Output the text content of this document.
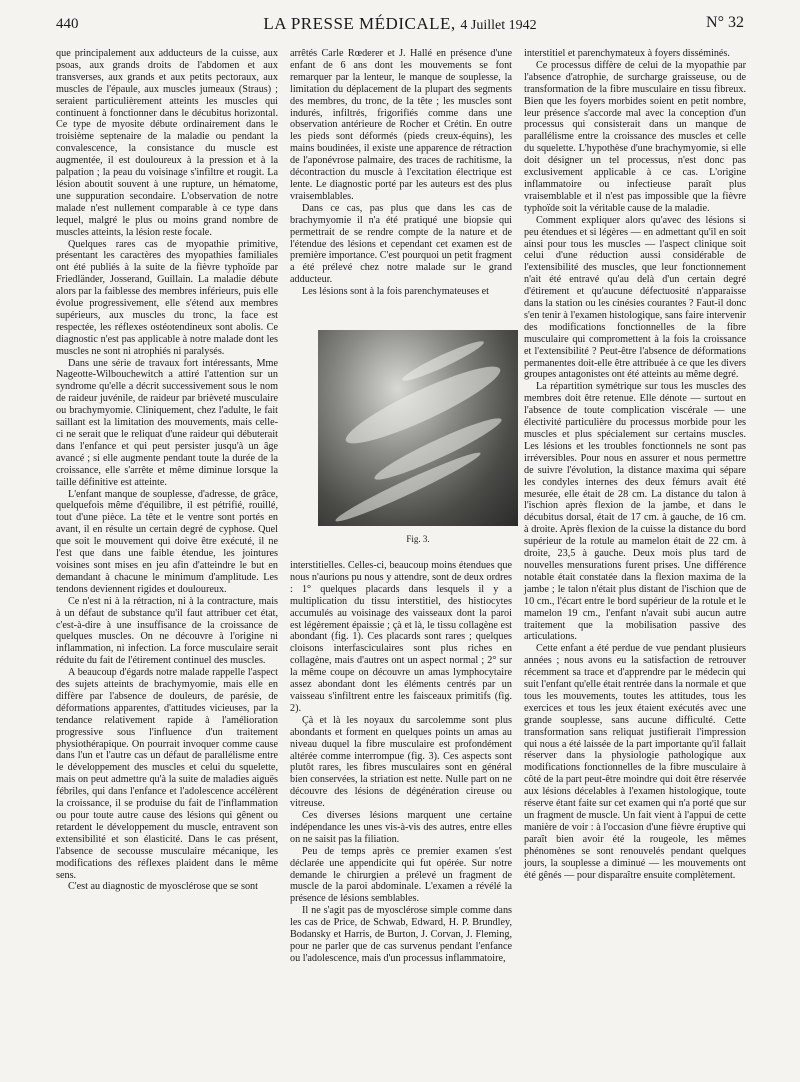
440	LA PRESSE MÉDICALE, 4 Juillet 1942	N° 32

que principalement aux adducteurs de la cuisse, aux psoas, aux grands droits de l'abdomen et aux transverses, aux grands et aux petits pectoraux, aux muscles de l'épaule, aux muscles jumeaux (Straus) ; seraient particulièrement atteints les muscles qui continuent à fonctionner dans le décubitus horizontal. Ce type de myosite débute ordinairement dans le troisième septenaire de la maladie ou pendant la convalescence, la consistance du muscle est augmentée, il est douloureux à la pression et à la palpation ; la peau du voisinage s'infiltre et rougit. La lésion aboutit souvent à une rupture, un hématome, une suppuration secondaire. L'observation de notre malade n'est nullement comparable à ce type dans lequel, malgré le plus ou moins grand nombre de muscles atteints, la lésion reste focale.

Quelques rares cas de myopathie primitive, présentant les caractères des myopathies familiales ont été publiés à la suite de la fièvre typhoïde par Friedländer, Josserand, Guillain. La maladie débute alors par la faiblesse des membres inférieurs, puis elle évolue progressivement, elle s'étend aux membres supérieurs, aux muscles du tronc, la face est respectée, les réflexes ostéotendineux sont abolis. Ce diagnostic n'est pas applicable à notre malade dont les muscles ne sont ni atrophiés ni paralysés.

Dans une série de travaux fort intéressants, Mme Nageotte-Wilbouchewitch a attiré l'attention sur un syndrome qu'elle a décrit successivement sous le nom de raideur juvénile, de raideur par brièveté musculaire ou brachymyomie. Cliniquement, chez l'adulte, le fait saillant est la limitation des mouvements, mais celle-ci ne serait que le reliquat d'une raideur qui débuterait dans l'enfance et qui peut persister jusqu'à un âge avancé ; si elle augmente pendant toute la durée de la croissance, elle s'arrête et même diminue lorsque la taille définitive est atteinte.

L'enfant manque de souplesse, d'adresse, de grâce, quelquefois même d'équilibre, il est pétrifié, rouillé, tout d'une pièce. La tête et le ventre sont portés en avant, il en résulte un certain degré de cyphose. Quel que soit le mouvement qui doive être exécuté, il ne l'est que dans une faible étendue, les jointures voisines sont mises en jeu afin d'atteindre le but en demandant à chacune le minimum d'amplitude. Les tendons deviennent rigides et douloureux.

Ce n'est ni à la rétraction, ni à la contracture, mais à un défaut de substance qu'il faut attribuer cet état, c'est-à-dire à une insuffisance de la croissance de quelques muscles. On ne découvre à l'origine ni inflammation, ni infection. La force musculaire serait réduite du fait de l'étirement continuel des muscles.

A beaucoup d'égards notre malade rappelle l'aspect des sujets atteints de brachymyomie, mais elle en diffère par l'absence de douleurs, de parésie, de déformations apparentes, d'attitudes vicieuses, par la tendance relativement rapide à l'amélioration progressive sous l'influence d'un traitement physiothérapique. On pourrait invoquer comme cause dans l'un et l'autre cas un défaut de parallélisme entre le développement des muscles et celui du squelette, mais on peut admettre qu'à la suite de maladies aiguës fébriles, qui dans l'enfance et l'adolescence accélèrent la croissance, il se produise du fait de l'inflammation ou pour toute autre cause des lésions qui gênent ou retardent le développement du muscle, entravent son extensibilité et son élasticité. Dans le cas présent, l'absence de secousse musculaire mécanique, les modifications des réflexes plaident dans le même sens.

C'est au diagnostic de myosclérose que se sont

arrêtés Carle Rœderer et J. Hallé en présence d'une enfant de 6 ans dont les mouvements se font remarquer par la lenteur, le manque de souplesse, la limitation du déplacement de la plupart des segments des membres, du tronc, de la tête ; les muscles sont indurés, infiltrés, frigorifiés comme dans une observation antérieure de Rocher et Crétin. En outre les pieds sont déformés (pieds creux-équins), les mains boudinées, il existe une apparence de rétraction de l'aponévrose palmaire, des traces de rachitisme, la décontraction du muscle à l'excitation électrique est lente. Le diagnostic porté par les auteurs est des plus vraisemblables.

Dans ce cas, pas plus que dans les cas de brachymyomie il n'a été pratiqué une biopsie qui permettrait de se rendre compte de la nature et de l'étendue des lésions et cependant cet examen est de première importance. C'est pourquoi un petit fragment a été prélevé chez notre malade sur le grand adducteur.

Les lésions sont à la fois parenchymateuses et

Fig. 3.

interstitielles. Celles-ci, beaucoup moins étendues que nous n'aurions pu nous y attendre, sont de deux ordres : 1° quelques placards dans lesquels il y a multiplication du tissu interstitiel, des histiocytes accumulés au voisinage des vaisseaux dont la paroi est légèrement épaissie ; çà et là, le tissu collagène est abondant (fig. 1). Ces placards sont rares ; quelques cloisons interfasciculaires sont plus riches en collagène, mais d'autres ont un aspect normal ; 2° sur la même coupe on découvre un amas lymphocytaire assez abondant dont les éléments centrés par un vaisseau s'infiltrent entre les faisceaux primitifs (fig. 2).

Çà et là les noyaux du sarcolemme sont plus abondants et forment en quelques points un amas au niveau duquel la fibre musculaire est profondément altérée comme interrompue (fig. 3). Ces aspects sont plutôt rares, les fibres musculaires sont en général bien conservées, la striation est nette. Nulle part on ne découvre des lésions de dégénération cireuse ou vitreuse.

Ces diverses lésions marquent une certaine indépendance les unes vis-à-vis des autres, entre elles on ne saisit pas la filiation.

Peu de temps après ce premier examen s'est déclarée une appendicite qui fut opérée. Sur notre demande le chirurgien a prélevé un fragment de muscle de la paroi abdominale. L'examen a révélé la présence de lésions semblables.

Il ne s'agit pas de myosclérose simple comme dans les cas de Price, de Schwab, Edward, H. P. Brundley, Bodansky et Harris, de Burton, J. Corvan, J. Fleming, pour ne parler que de cas survenus pendant l'enfance ou l'adolescence, mais d'un processus inflammatoire,

interstitiel et parenchymateux à foyers disséminés.

Ce processus diffère de celui de la myopathie par l'absence d'atrophie, de surcharge graisseuse, ou de transformation de la fibre musculaire en tissu fibreux. Bien que les foyers morbides soient en petit nombre, leur présence s'accorde mal avec la conception d'un processus qui consisterait dans un manque de parallélisme entre la croissance des muscles et celle du squelette. L'hypothèse d'une brachymyomie, si elle doit désigner un tel processus, n'est donc pas exclusivement applicable à ce cas. L'origine inflammatoire ou infectieuse paraît plus vraisemblable et il n'est pas impossible que la fièvre typhoïde soit la véritable cause de la maladie.

Comment expliquer alors qu'avec des lésions si peu étendues et si légères — en admettant qu'il en soit ainsi pour tous les muscles — l'aspect clinique soit celui d'une réduction aussi considérable de l'extensibilité des muscles, que leur fonctionnement n'ait été entravé qu'au delà d'un certain degré d'étirement et qu'aucune défectuosité n'apparaisse dans la station ou les cinésies courantes ? Faut-il donc s'en tenir à l'examen histologique, sans faire intervenir des modifications fonctionnelles de la fibre musculaire qui compromettent à la fois la croissance et l'extensibilité ? Peut-être l'absence de déformations permanentes doit-elle être attribuée à ce que les divers groupes antagonistes ont été atteints au même degré.

La répartition symétrique sur tous les muscles des membres doit être retenue. Elle dénote — surtout en l'absence de toute complication viscérale — une électivité particulière du processus morbide pour les muscles et plus spécialement sur certains muscles. Les lésions et les troubles fonctionnels ne sont pas irréversibles. Pour nous en assurer et nous permettre de suivre l'évolution, la distance maxima qui sépare les condyles internes des deux fémurs avait été mesurée, elle était de 28 cm. La distance du talon à l'ischion après flexion de la jambe, et dans le décubitus dorsal, était de 17 cm. à gauche, de 16 cm. à droite. Après flexion de la cuisse la distance du bord supérieur de la rotule au mamelon était de 22 cm. à droite, 23,5 à gauche. Deux mois plus tard de nouvelles mensurations furent prises. Une différence notable était constatée dans la flexion maxima de la jambe ; le talon n'était plus distant de l'ischion que de 10 cm., l'écart entre le bord supérieur de la rotule et le mamelon 19 cm., l'enfant n'avait subi aucun autre traitement que la mobilisation passive des articulations.

Cette enfant a été perdue de vue pendant plusieurs années ; nous avons eu la satisfaction de retrouver récemment sa trace et d'apprendre par le médecin qui suit l'enfant qu'elle était rentrée dans la normale et que tous les mouvements, toutes les attitudes, tous les exercices et tous les jeux étaient exécutés avec une grande souplesse, sans aucune difficulté. Cette transformation sans reliquat justifierait l'impression qui nous a été laissée de la part importante qu'il fallait réserver dans la physiologie pathologique aux modifications fonctionnelles de la fibre musculaire à côté de la part peut-être moindre qui doit être réservée aux lésions décelables à l'examen histologique, toute réserve étant faite sur cet examen qui n'a porté que sur un fragment de muscle. Un fait vient à l'appui de cette manière de voir : à l'occasion d'une fièvre éruptive qui paraît bien avoir été la rougeole, les mêmes phénomènes se sont renouvelés pendant quelques jours, la souplesse a diminué — les mouvements ont été gênés — pour disparaître ensuite complètement.
